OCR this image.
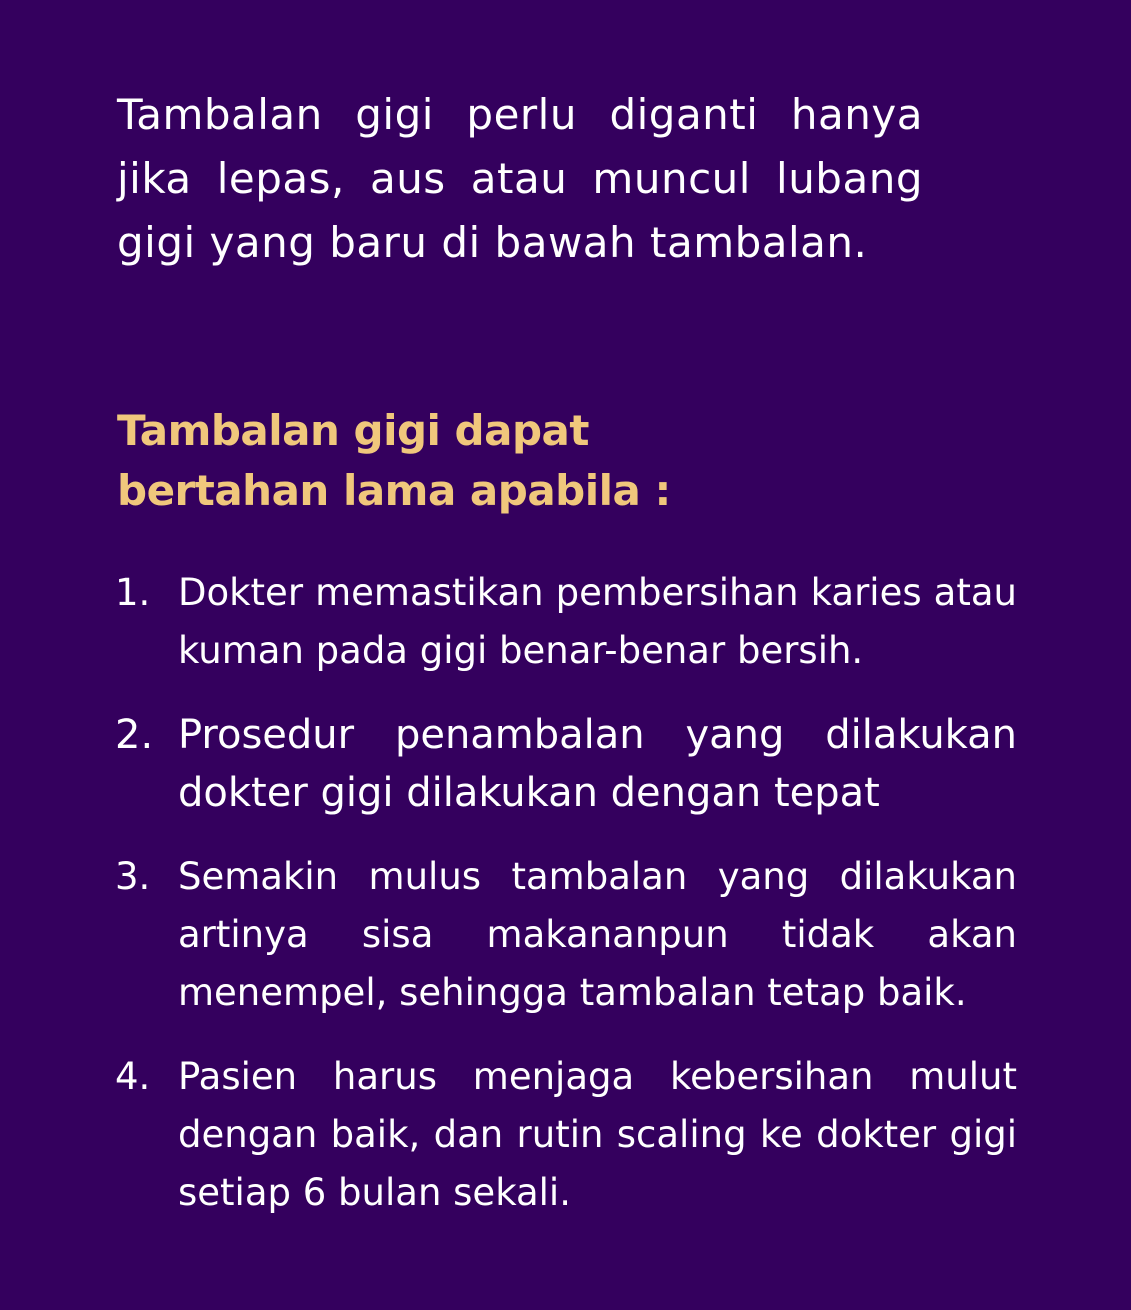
Tambalan gigi perlu diganti hanya jika lepas, aus atau muncul lubang gigi yang baru di bawah tambalan.

Tambalan gigi dapat
bertahan lama apabila :
1. Dokter memastikan pembersihan karies atau kuman pada gigi benar-benar bersih.
2. Prosedur penambalan yang dilakukan dokter gigi dilakukan dengan tepat
3. Semakin mulus tambalan yang dilakukan artinya sisa makananpun tidak akan menempel, sehingga tambalan tetap baik.
4. Pasien harus menjaga kebersihan mulut dengan baik, dan rutin scaling ke dokter gigi setiap 6 bulan sekali.
